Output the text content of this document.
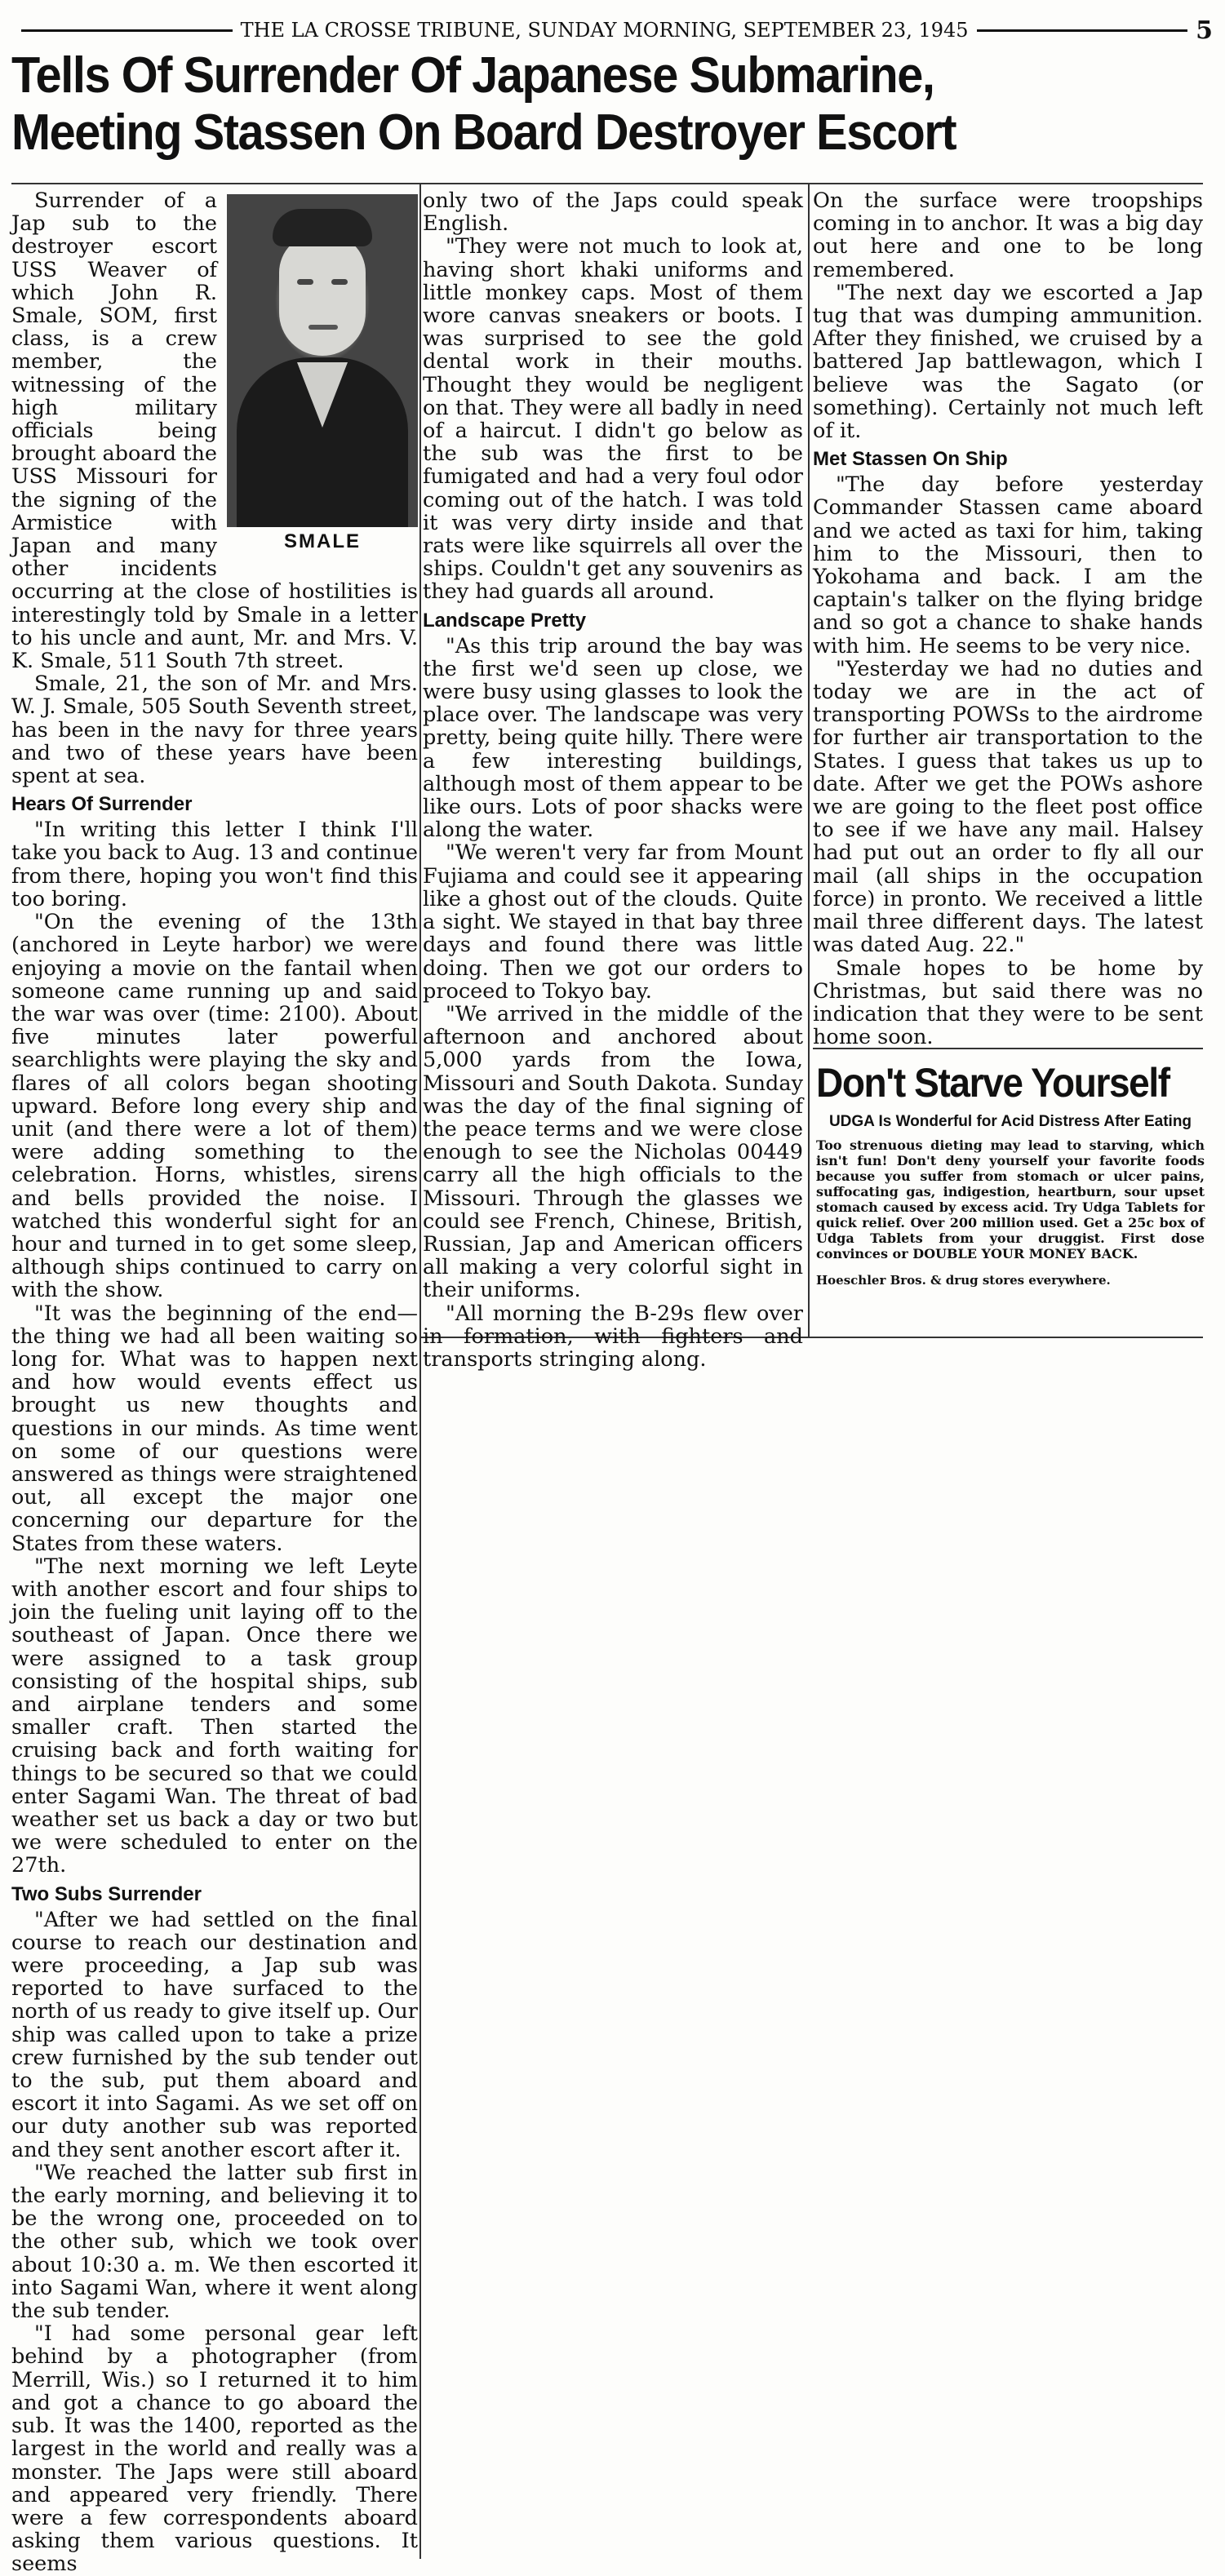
THE LA CROSSE TRIBUNE, SUNDAY MORNING, SEPTEMBER 23, 1945	5
Tells Of Surrender Of Japanese Submarine,
Meeting Stassen On Board Destroyer Escort
SMALE

Surrender of a Jap sub to the destroyer escort USS Weaver of which John R. Smale, SOM, first class, is a crew member, the witnessing of the high military officials being brought aboard the USS Missouri for the signing of the Armistice with Japan and many other incidents occurring at the close of hostilities is interestingly told by Smale in a letter to his uncle and aunt, Mr. and Mrs. V. K. Smale, 511 South 7th street.

Smale, 21, the son of Mr. and Mrs. W. J. Smale, 505 South Seventh street, has been in the navy for three years and two of these years have been spent at sea.

Hears Of Surrender

"In writing this letter I think I'll take you back to Aug. 13 and continue from there, hoping you won't find this too boring.

"On the evening of the 13th (anchored in Leyte harbor) we were enjoying a movie on the fantail when someone came running up and said the war was over (time: 2100). About five minutes later powerful searchlights were playing the sky and flares of all colors began shooting upward. Before long every ship and unit (and there were a lot of them) were adding something to the celebration. Horns, whistles, sirens and bells provided the noise. I watched this wonderful sight for an hour and turned in to get some sleep, although ships continued to carry on with the show.

"It was the beginning of the end—the thing we had all been waiting so long for. What was to happen next and how would events effect us brought us new thoughts and questions in our minds. As time went on some of our questions were answered as things were straightened out, all except the major one concerning our departure for the States from these waters.

"The next morning we left Leyte with another escort and four ships to join the fueling unit laying off to the southeast of Japan. Once there we were assigned to a task group consisting of the hospital ships, sub and airplane tenders and some smaller craft. Then started the cruising back and forth waiting for things to be secured so that we could enter Sagami Wan. The threat of bad weather set us back a day or two but we were scheduled to enter on the 27th.

Two Subs Surrender

"After we had settled on the final course to reach our destination and were proceeding, a Jap sub was reported to have surfaced to the north of us ready to give itself up. Our ship was called upon to take a prize crew furnished by the sub tender out to the sub, put them aboard and escort it into Sagami. As we set off on our duty another sub was reported and they sent another escort after it.

"We reached the latter sub first in the early morning, and believing it to be the wrong one, proceeded on to the other sub, which we took over about 10:30 a. m. We then escorted it into Sagami Wan, where it went along the sub tender.

"I had some personal gear left behind by a photographer (from Merrill, Wis.) so I returned it to him and got a chance to go aboard the sub. It was the 1400, reported as the largest in the world and really was a monster. The Japs were still aboard and appeared very friendly. There were a few correspondents aboard asking them various questions. It seems

only two of the Japs could speak English.

"They were not much to look at, having short khaki uniforms and little monkey caps. Most of them wore canvas sneakers or boots. I was surprised to see the gold dental work in their mouths. Thought they would be negligent on that. They were all badly in need of a haircut. I didn't go below as the sub was the first to be fumigated and had a very foul odor coming out of the hatch. I was told it was very dirty inside and that rats were like squirrels all over the ships. Couldn't get any souvenirs as they had guards all around.

Landscape Pretty

"As this trip around the bay was the first we'd seen up close, we were busy using glasses to look the place over. The landscape was very pretty, being quite hilly. There were a few interesting buildings, although most of them appear to be like ours. Lots of poor shacks were along the water.

"We weren't very far from Mount Fujiama and could see it appearing like a ghost out of the clouds. Quite a sight. We stayed in that bay three days and found there was little doing. Then we got our orders to proceed to Tokyo bay.

"We arrived in the middle of the afternoon and anchored about 5,000 yards from the Iowa, Missouri and South Dakota. Sunday was the day of the final signing of the peace terms and we were close enough to see the Nicholas 00449 carry all the high officials to the Missouri. Through the glasses we could see French, Chinese, British, Russian, Jap and American officers all making a very colorful sight in their uniforms.

"All morning the B-29s flew over in formation, with fighters and transports stringing along.

On the surface were troopships coming in to anchor. It was a big day out here and one to be long remembered.

"The next day we escorted a Jap tug that was dumping ammunition. After they finished, we cruised by a battered Jap battlewagon, which I believe was the Sagato (or something). Certainly not much left of it.

Met Stassen On Ship

"The day before yesterday Commander Stassen came aboard and we acted as taxi for him, taking him to the Missouri, then to Yokohama and back. I am the captain's talker on the flying bridge and so got a chance to shake hands with him. He seems to be very nice.

"Yesterday we had no duties and today we are in the act of transporting POWSs to the airdrome for further air transportation to the States. I guess that takes us up to date. After we get the POWs ashore we are going to the fleet post office to see if we have any mail. Halsey had put out an order to fly all our mail (all ships in the occupation force) in pronto. We received a little mail three different days. The latest was dated Aug. 22."

Smale hopes to be home by Christmas, but said there was no indication that they were to be sent home soon.

Don't Starve Yourself
UDGA Is Wonderful for Acid Distress After Eating
Too strenuous dieting may lead to starving, which isn't fun! Don't deny yourself your favorite foods because you suffer from stomach or ulcer pains, suffocating gas, indigestion, heartburn, sour upset stomach caused by excess acid. Try Udga Tablets for quick relief. Over 200 million used. Get a 25c box of Udga Tablets from your druggist. First dose convinces or DOUBLE YOUR MONEY BACK.
Hoeschler Bros. & drug stores everywhere.
